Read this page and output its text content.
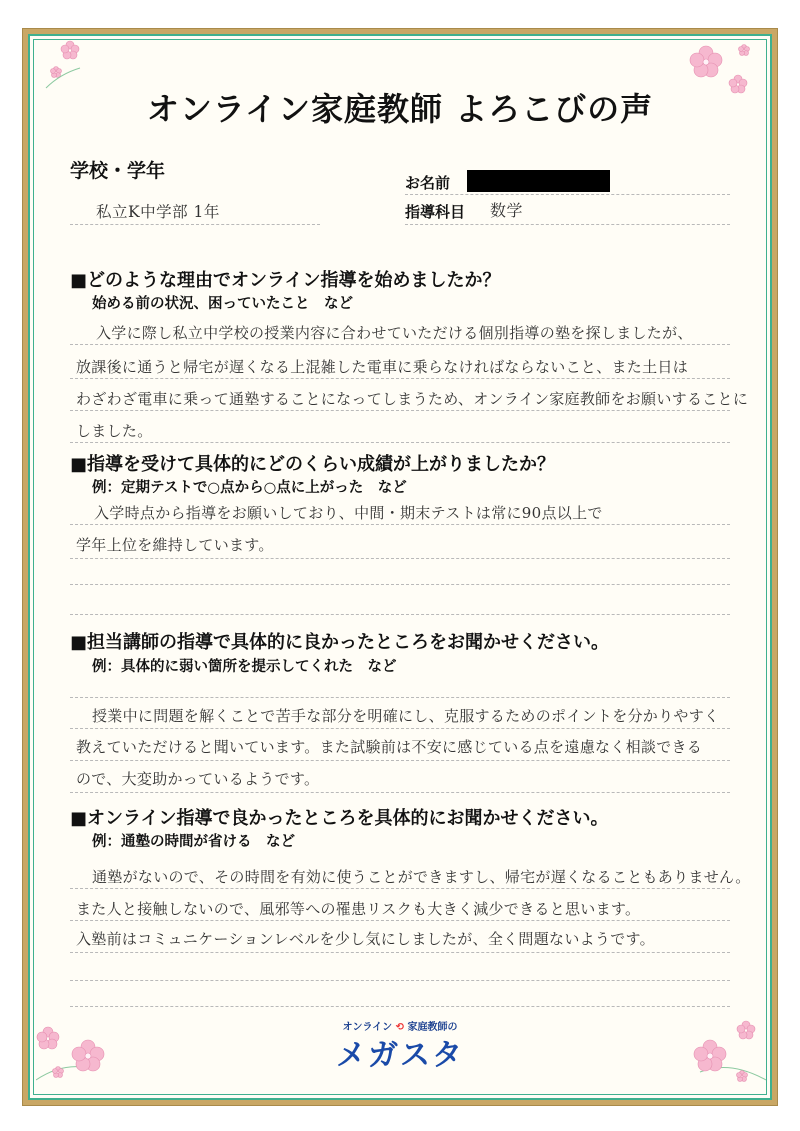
オンライン家庭教師 よろこびの声
学校・学年
私立K中学部 1年
お名前
指導科目 数学
■どのような理由でオンライン指導を始めましたか？
始める前の状況、困っていたこと　など
入学に際し私立中学校の授業内容に合わせていただける個別指導の塾を探しましたが、
放課後に通うと帰宅が遅くなる上混雑した電車に乗らなければならないこと、また土日は
わざわざ電車に乗って通塾することになってしまうため、オンライン家庭教師をお願いすることに
しました。
■指導を受けて具体的にどのくらい成績が上がりましたか？
例：定期テストで○点から○点に上がった　など
入学時点から指導をお願いしており、中間・期末テストは常に90点以上で
学年上位を維持しています。
■担当講師の指導で具体的に良かったところをお聞かせください。
例：具体的に弱い箇所を提示してくれた　など
授業中に問題を解くことで苦手な部分を明確にし、克服するためのポイントを分かりやすく
教えていただけると聞いています。また試験前は不安に感じている点を遠慮なく相談できる
ので、大変助かっているようです。
■オンライン指導で良かったところを具体的にお聞かせください。
例：通塾の時間が省ける　など
通塾がないので、その時間を有効に使うことができますし、帰宅が遅くなることもありません。
また人と接触しないので、風邪等への罹患リスクも大きく減少できると思います。
入塾前はコミュニケーションレベルを少し気にしましたが、全く問題ないようです。
オンライン ⟲ 家庭教師の
メガスタ
